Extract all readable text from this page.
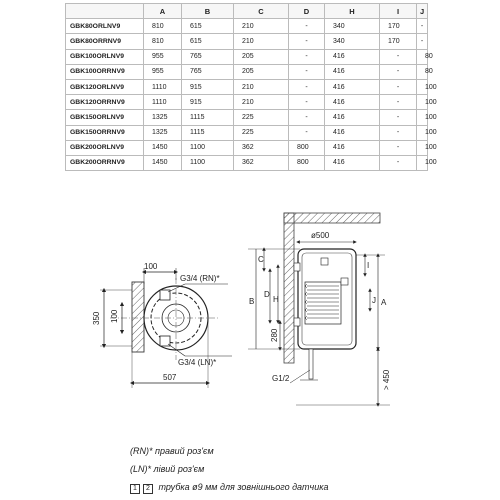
	A	B	C	D	H	I	J
GBK80ORLNV9	810	615	210	-	340	170	-
GBK80ORRNV9	810	615	210	-	340	170	-
GBK100ORLNV9	955	765	205	-	416	-	80
GBK100ORRNV9	955	765	205	-	416	-	80
GBK120ORLNV9	1110	915	210	-	416	-	100
GBK120ORRNV9	1110	915	210	-	416	-	100
GBK150ORLNV9	1325	1115	225	-	416	-	100
GBK150ORRNV9	1325	1115	225	-	416	-	100
GBK200ORLNV9	1450	1100	362	800	416	-	100
GBK200ORRNV9	1450	1100	362	800	416	-	100
100
G3/4 (RN)*
G3/4 (LN)*
350 100
507
ø500
G1/2
B
C
D
H
280
A
I
J
> 450
(RN)* правий роз'єм
(LN)* лівий роз'єм
1 2 трубка ø9 мм для зовнішнього датчика
